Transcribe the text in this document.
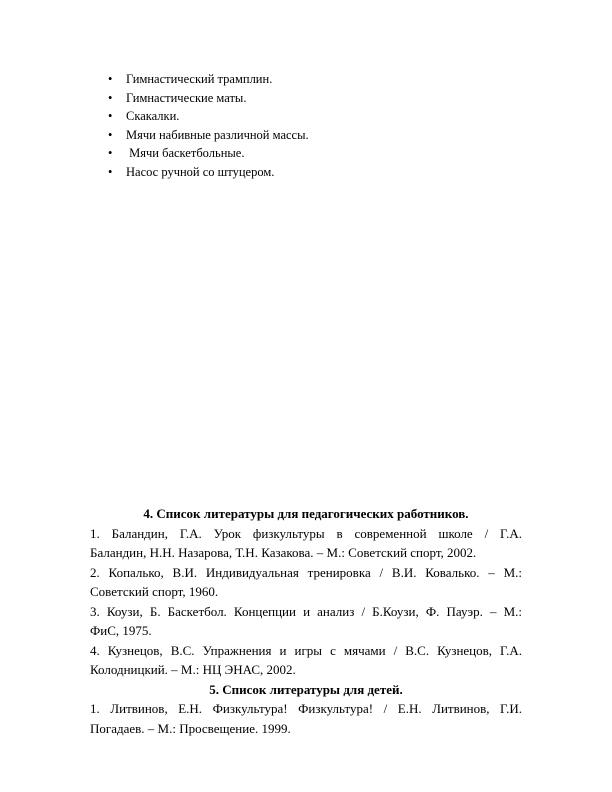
• Гимнастический трамплин.
• Гимнастические маты.
• Скакалки.
• Мячи набивные различной массы.
• Мячи баскетбольные.
• Насос ручной со штуцером.

4. Список литературы для педагогических работников.

1. Баландин, Г.А. Урок физкультуры в современной школе / Г.А.
Баландин, Н.Н. Назарова, Т.Н. Казакова. – М.: Советский спорт, 2002.

2. Копалько, В.И. Индивидуальная тренировка / В.И. Ковалько. – М.:
Советский спорт, 1960.

3. Коузи, Б. Баскетбол. Концепции и анализ / Б.Коузи, Ф. Пауэр. – М.:
ФиС, 1975.

4. Кузнецов, В.С. Упражнения и игры с мячами / В.С. Кузнецов, Г.А.
Колодницкий. – М.: НЦ ЭНАС, 2002.

5. Список литературы для детей.

1. Литвинов, Е.Н. Физкультура! Физкультура! / Е.Н. Литвинов, Г.И.
Погадаев. – М.: Просвещение. 1999.
